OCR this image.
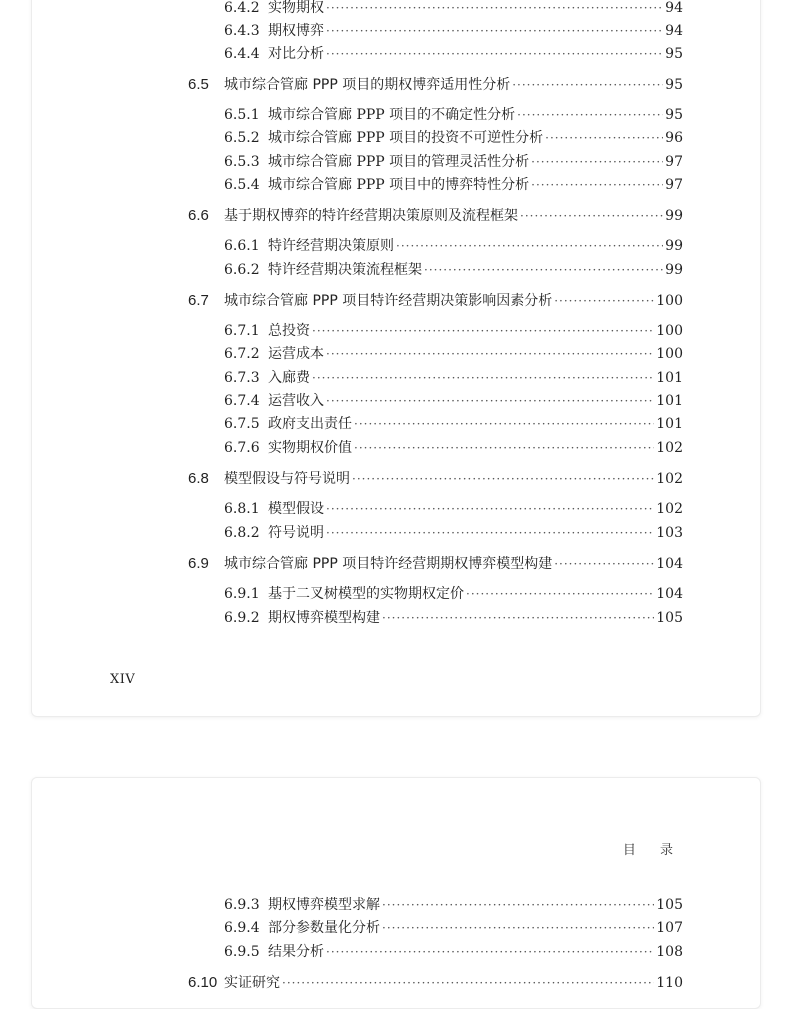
6.4.2 实物期权 ·····	94
6.4.3 期权博弈 ·····	94
6.4.4 对比分析 ·····	95
6.5	城市综合管廊 PPP 项目的期权博弈适用性分析 ·····	95
6.5.1 城市综合管廊 PPP 项目的不确定性分析 ·····	95
6.5.2 城市综合管廊 PPP 项目的投资不可逆性分析 ·····	96
6.5.3 城市综合管廊 PPP 项目的管理灵活性分析 ·····	97
6.5.4 城市综合管廊 PPP 项目中的博弈特性分析 ·····	97
6.6	基于期权博弈的特许经营期决策原则及流程框架 ·····	99
6.6.1 特许经营期决策原则 ·····	99
6.6.2 特许经营期决策流程框架 ·····	99
6.7	城市综合管廊 PPP 项目特许经营期决策影响因素分析 ·····	100
6.7.1 总投资 ·····	100
6.7.2 运营成本 ·····	100
6.7.3 入廊费 ·····	101
6.7.4 运营收入 ·····	101
6.7.5 政府支出责任 ·····	101
6.7.6 实物期权价值 ·····	102
6.8	模型假设与符号说明 ·····	102
6.8.1 模型假设 ·····	102
6.8.2 符号说明 ·····	103
6.9	城市综合管廊 PPP 项目特许经营期期权博弈模型构建 ·····	104
6.9.1 基于二叉树模型的实物期权定价 ·····	104
6.9.2 期权博弈模型构建 ·····	105
XIV
目 录
6.9.3 期权博弈模型求解 ·····	105
6.9.4 部分参数量化分析 ·····	107
6.9.5 结果分析 ·····	108
6.10 实证研究 ·····	110
